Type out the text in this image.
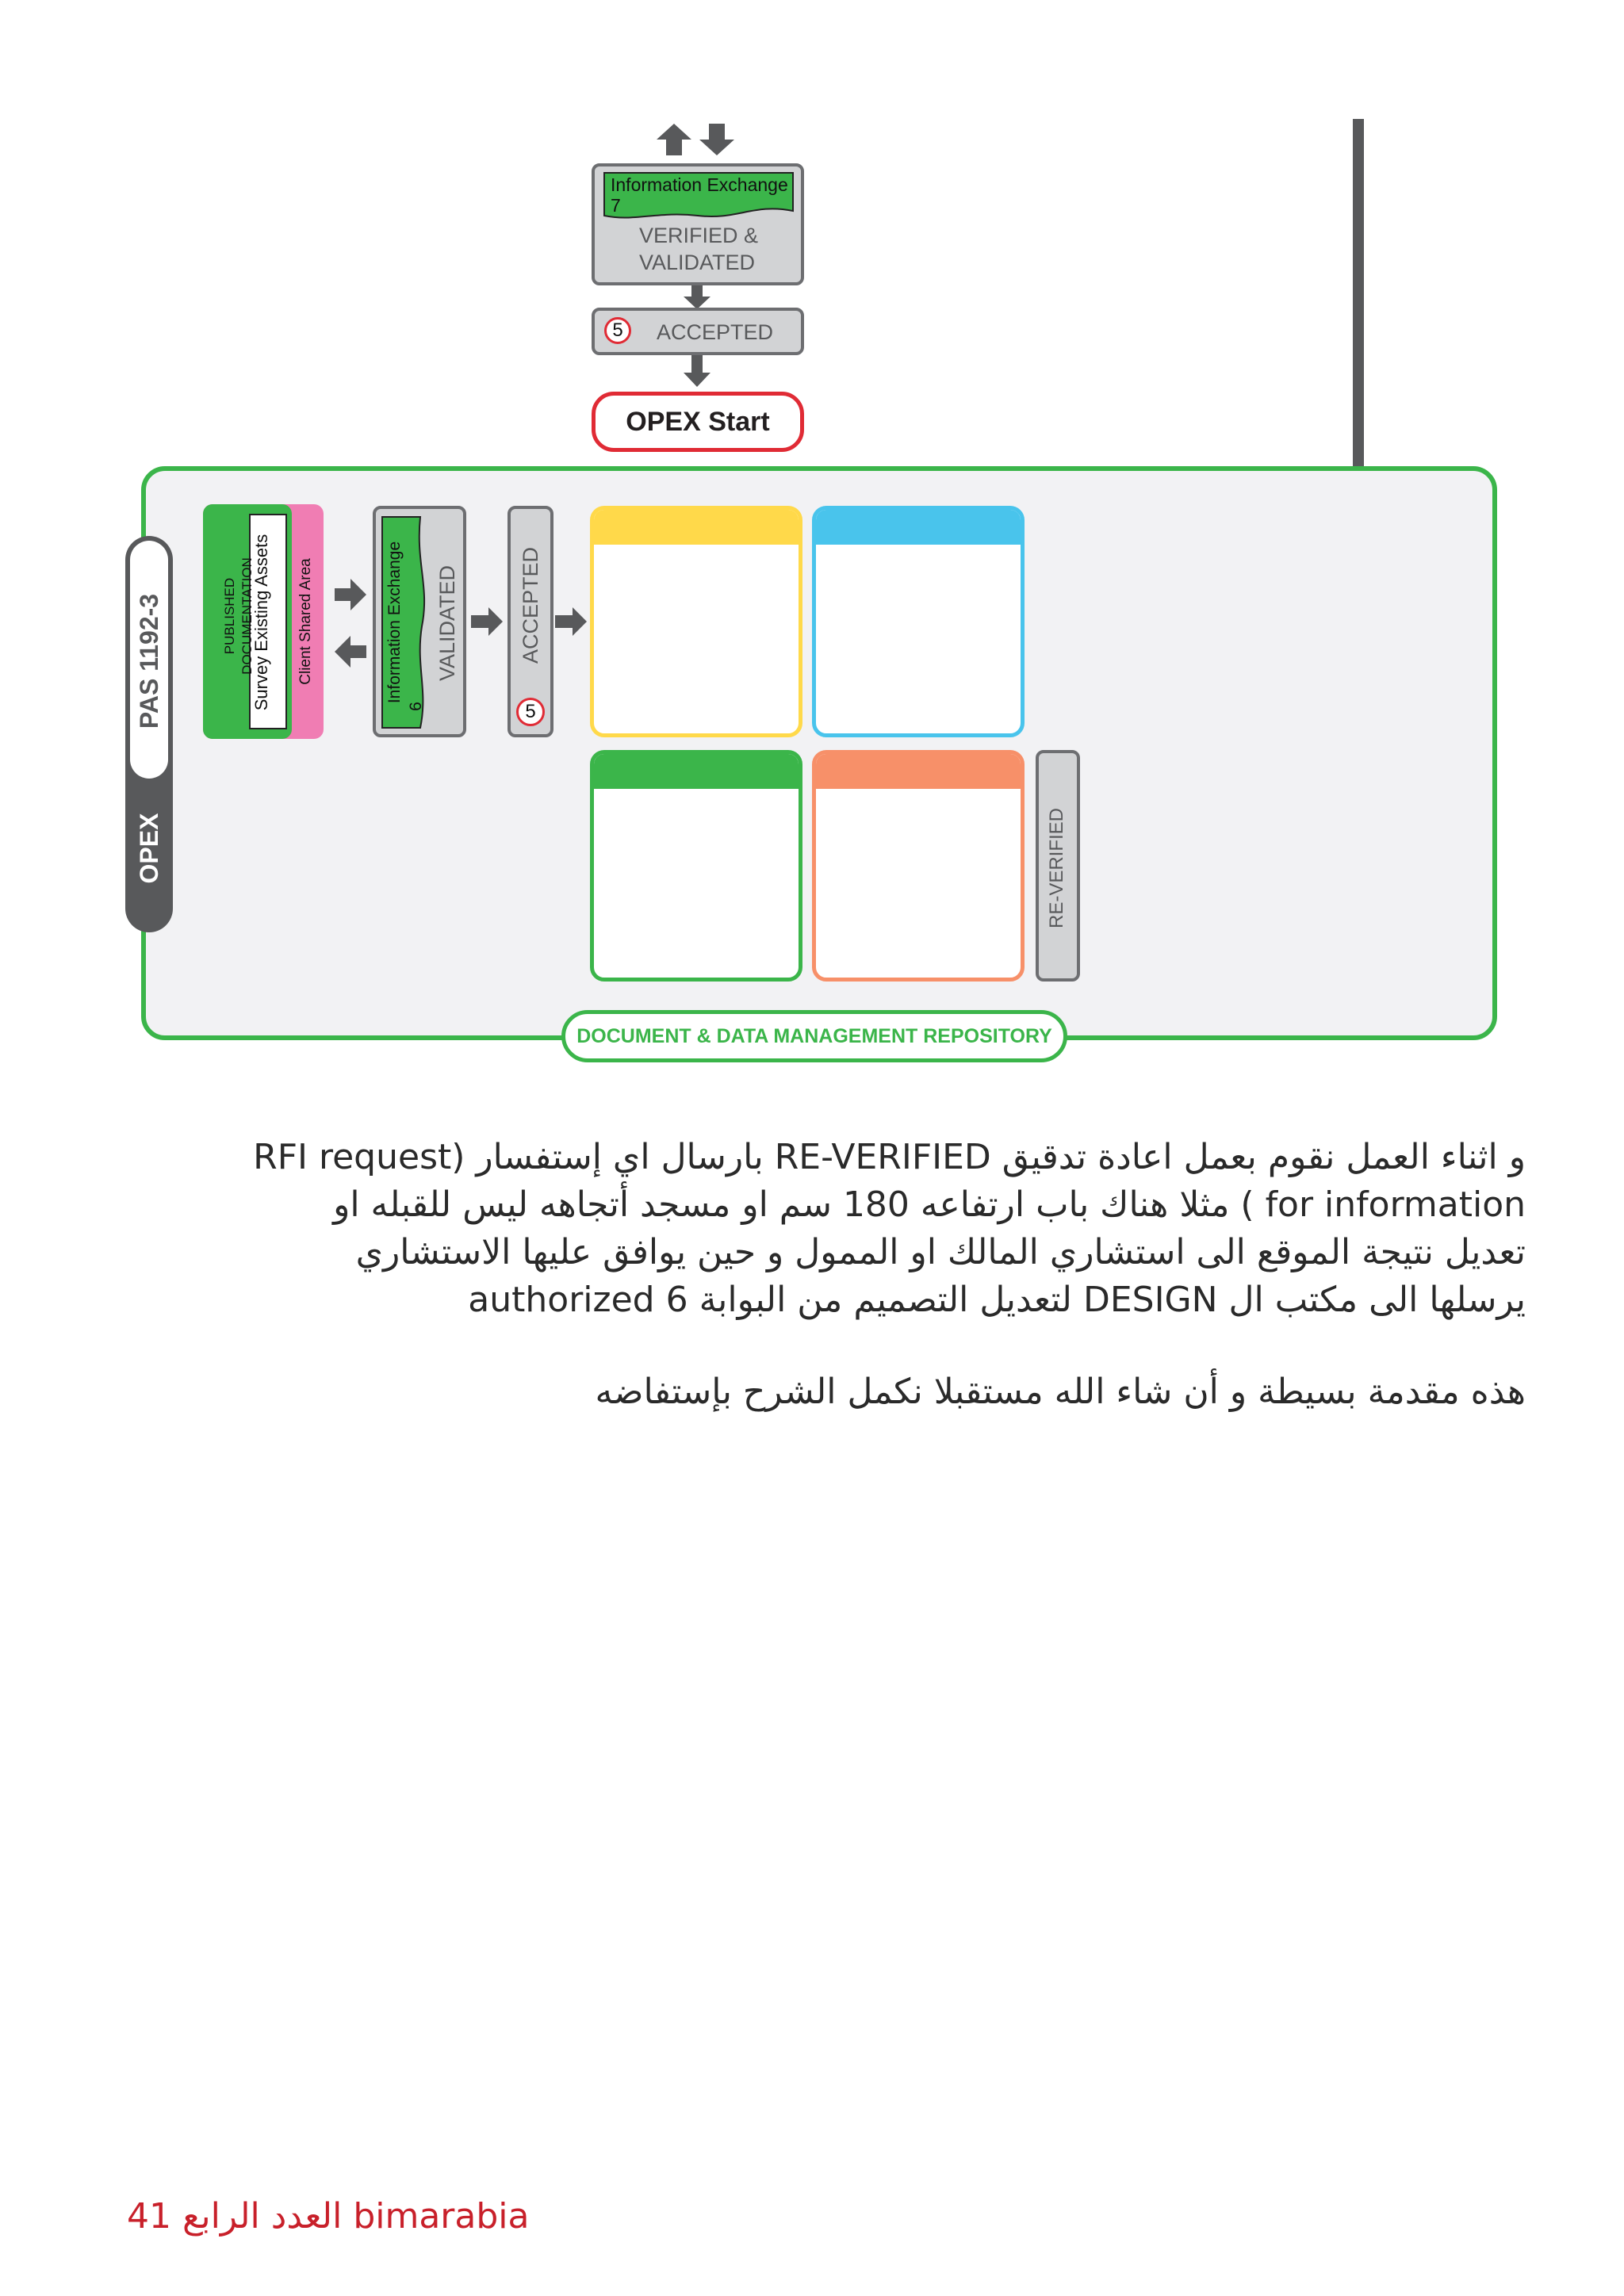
Information Exchange
7
VERIFIED &
VALIDATED
5	ACCEPTED
OPEX Start
PAS 1192-3
OPEX
PUBLISHED DOCUMENTATION
Survey Existing Assets Client Shared Area	Information Exchange
6
VALIDATED	ACCEPTED
5
RE-VERIFIED
DOCUMENT & DATA MANAGEMENT REPOSITORY
و اثناء العمل نقوم بعمل اعادة تدقيق RE-VERIFIED بارسال اي إستفسار (RFI request
for information ) مثلا هناك باب ارتفاعه 180 سم او مسجد أتجاهه ليس للقبله او
تعديل نتيجة الموقع الى استشاري المالك او الممول و حين يوافق عليها الاستشاري
يرسلها الى مكتب ال DESIGN لتعديل التصميم من البوابة 6 authorized
هذه مقدمة بسيطة و أن شاء الله مستقبلا نكمل الشرح بإستفاضه
41 العدد الرابع bimarabia
